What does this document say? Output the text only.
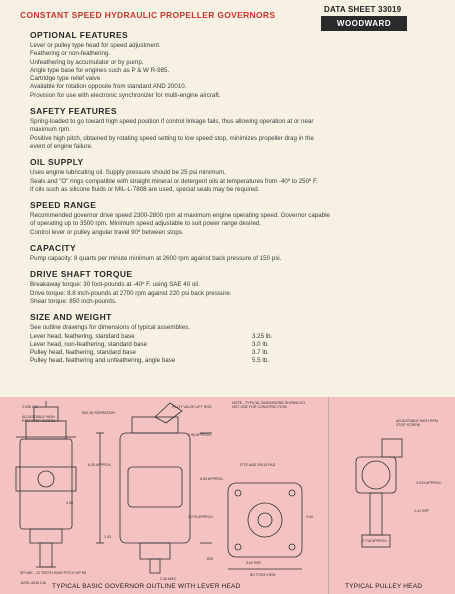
CONSTANT SPEED HYDRAULIC PROPELLER GOVERNORS
DATA SHEET 33019
WOODWARD
OPTIONAL FEATURES
Lever or pulley type head for speed adjustment.
Feathering or non-feathering.
Unfeathering by accumulator or by pump.
Angle type base for engines such as P & W R-985.
Cartridge type relief valve.
Available for rotation opposite from standard AND 20010.
Provision for use with electronic synchronizer for multi-engine aircraft.
SAFETY FEATURES
Spring-loaded to go toward high speed position if control linkage fails, thus allowing operation at or near
maximum rpm.
Positive high pitch, obtained by rotating speed setting to low speed stop, minimizes propeller drag in the
event of engine failure.
OIL SUPPLY
Uses engine lubricating oil. Supply pressure should be 25 psi minimum.
Seals and "O" rings compatible with straight mineral or detergent oils at temperatures from -40º to 250º F.
If oils such as silicone fluids or MIL-L-7808 are used, special seals may be required.
SPEED RANGE
Recommended governor drive speed 2300-2800 rpm at maximum engine operating speed. Governor capable
of operating up to 3500 rpm. Minimum speed adjustable to suit power range desired.
Control lever or pulley angular travel 90º between stops.
CAPACITY
Pump capacity: 8 quarts per minute minimum at 2600 rpm against back pressure of 150 psi.
DRIVE SHAFT TORQUE
Breakaway torque: 30 foot-pounds at -40º F. using SAE 40 oil.
Drive torque: 8.8 inch-pounds at 2700 rpm against 220 psi back pressure.
Shear torque: 850 inch-pounds.
SIZE AND WEIGHT
See outline drawings for dimensions of typical assemblies.
Lever head, feathering, standard base	3.25 lb.
Lever head, non-feathering, standard base	3.0 lb.
Pulley head, feathering, standard base	3.7 lb.
Pulley head, feathering and unfeathering, angle base	5.5 lb.
NOTE - TYPICAL DIMENSIONS SHOWN DO NOT USE FOR CONSTRUCTION.
2.938 DIA
ADJUSTABLE HIGH RPM STOP SCREW
500-36 SERRATION
PILOT VALVE LIFT ROD
2.96 APPROX.
6.25 APPROX.
6.83 APPROX.
4.275 APPROX.
FITS AND 20010 PAD
4.50
3.00
1.33
2.38 MAX
.625
3.62 REF.
SPLINE - 12 TEETH 20/40 PITCH 30º PA
.6225-.6245 DIA
BOTTOM VIEW
ADJUSTABLE HIGH RPM STOP SCREW
3.043 APPROX.
1.41 REF
2.718 APPROX.
TYPICAL BASIC GOVERNOR OUTLINE WITH LEVER HEAD	TYPICAL PULLEY HEAD
